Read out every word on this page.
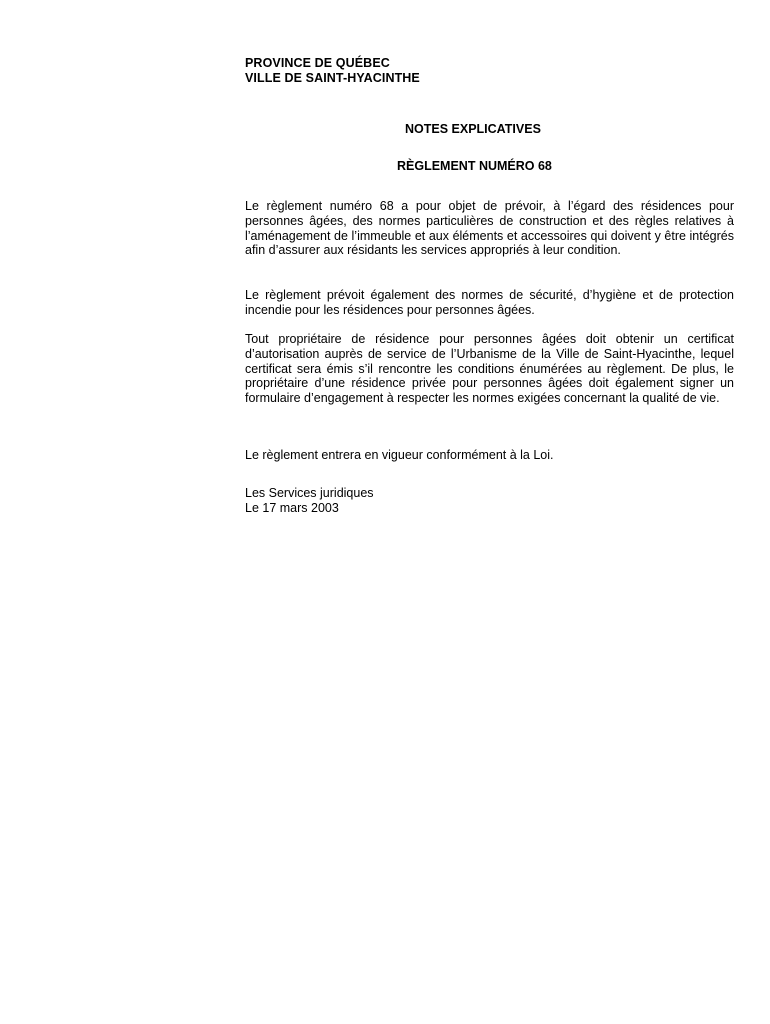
PROVINCE DE QUÉBEC
VILLE DE SAINT-HYACINTHE
NOTES EXPLICATIVES
RÈGLEMENT NUMÉRO 68
Le règlement numéro 68 a pour objet de prévoir, à l’égard des résidences pour personnes âgées, des normes particulières de construction et des règles relatives à l’aménagement de l’immeuble et aux éléments et accessoires qui doivent y être intégrés afin d’assurer aux résidants les services appropriés à leur condition.
Le règlement prévoit également des normes de sécurité, d’hygiène et de protection incendie pour les résidences pour personnes âgées.
Tout propriétaire de résidence pour personnes âgées doit obtenir un certificat d’autorisation auprès de service de l’Urbanisme de la Ville de Saint-Hyacinthe, lequel certificat sera émis s’il rencontre les conditions énumérées au règlement. De plus, le propriétaire d’une résidence privée pour personnes âgées doit également signer un formulaire d’engagement à respecter les normes exigées concernant la qualité de vie.
Le règlement entrera en vigueur conformément à la Loi.
Les Services juridiques
Le 17 mars 2003
